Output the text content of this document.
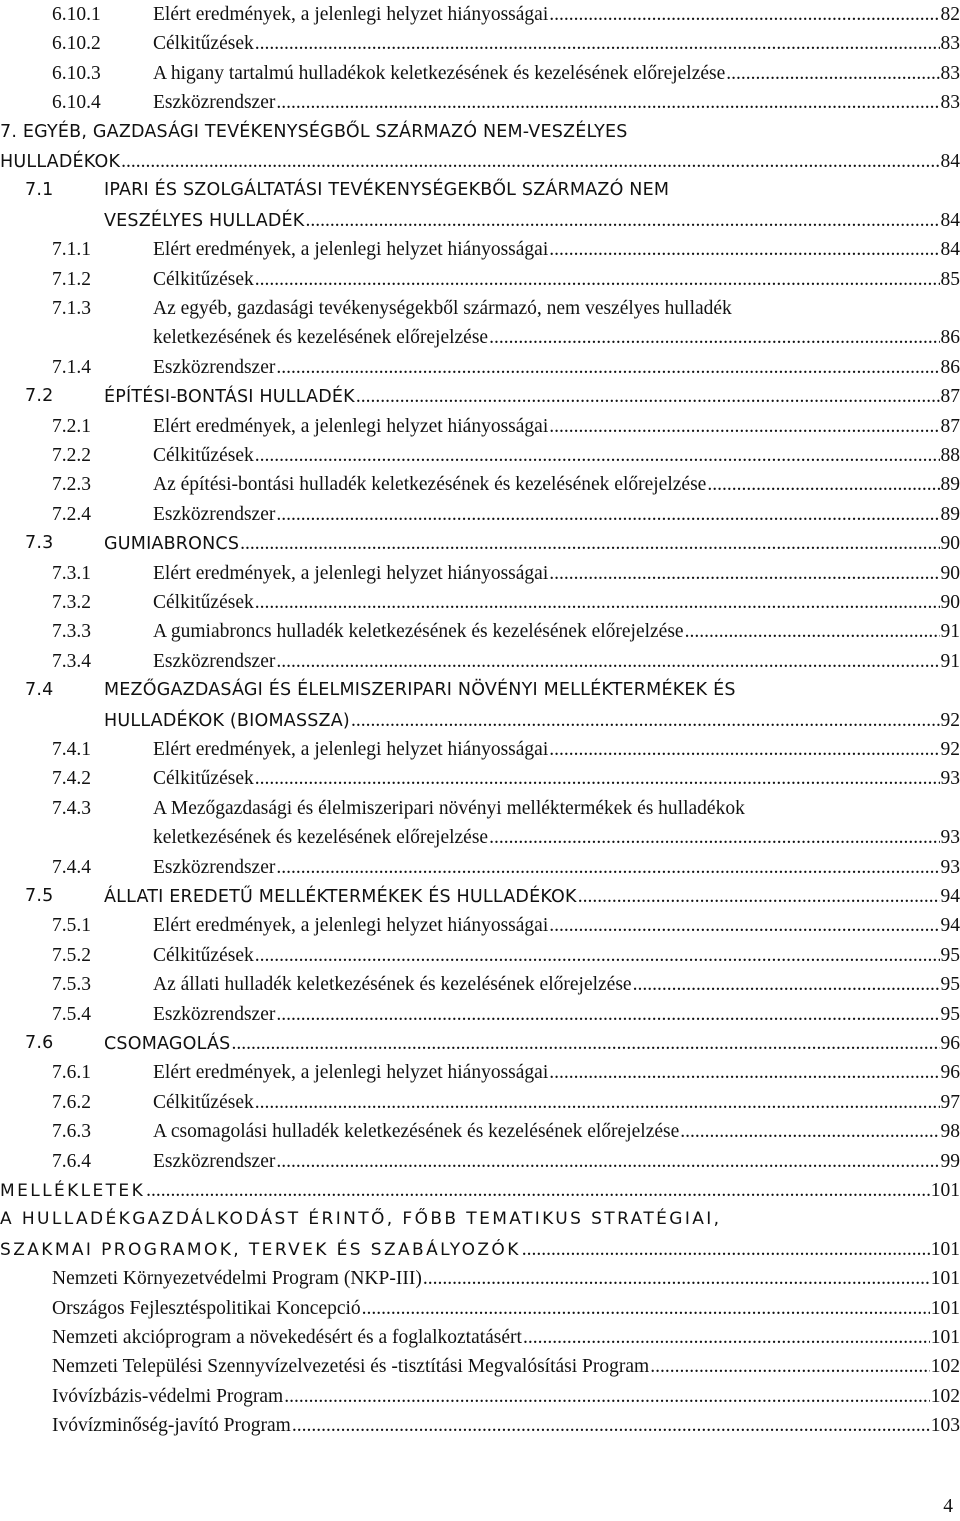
6.10.1	Elért eredmények, a jelenlegi helyzet hiányosságai .....	82
6.10.2	Célkitűzések .....	83
6.10.3	A higany tartalmú hulladékok keletkezésének és kezelésének előrejelzése .....	83
6.10.4	Eszközrendszer .....	83
7. EGYÉB, GAZDASÁGI TEVÉKENYSÉGBŐL SZÁRMAZÓ NEM-VESZÉLYES
HULLADÉKOK .....	84
7.1	IPARI ÉS SZOLGÁLTATÁSI TEVÉKENYSÉGEKBŐL SZÁRMAZÓ NEM
VESZÉLYES HULLADÉK .....	84
7.1.1	Elért eredmények, a jelenlegi helyzet hiányosságai .....	84
7.1.2	Célkitűzések .....	85
7.1.3	Az egyéb, gazdasági tevékenységekből származó, nem veszélyes hulladék
keletkezésének és kezelésének előrejelzése .....	86
7.1.4	Eszközrendszer .....	86
7.2	ÉPÍTÉSI-BONTÁSI HULLADÉK .....	87
7.2.1	Elért eredmények, a jelenlegi helyzet hiányosságai .....	87
7.2.2	Célkitűzések .....	88
7.2.3	Az építési-bontási hulladék keletkezésének és kezelésének előrejelzése .....	89
7.2.4	Eszközrendszer .....	89
7.3	GUMIABRONCS .....	90
7.3.1	Elért eredmények, a jelenlegi helyzet hiányosságai .....	90
7.3.2	Célkitűzések .....	90
7.3.3	A gumiabroncs hulladék keletkezésének és kezelésének előrejelzése .....	91
7.3.4	Eszközrendszer .....	91
7.4	MEZŐGAZDASÁGI ÉS ÉLELMISZERIPARI NÖVÉNYI MELLÉKTERMÉKEK ÉS
HULLADÉKOK (BIOMASSZA) .....	92
7.4.1	Elért eredmények, a jelenlegi helyzet hiányosságai .....	92
7.4.2	Célkitűzések .....	93
7.4.3	A Mezőgazdasági és élelmiszeripari növényi melléktermékek és hulladékok
keletkezésének és kezelésének előrejelzése .....	93
7.4.4	Eszközrendszer .....	93
7.5	ÁLLATI EREDETŰ MELLÉKTERMÉKEK ÉS HULLADÉKOK .....	94
7.5.1	Elért eredmények, a jelenlegi helyzet hiányosságai .....	94
7.5.2	Célkitűzések .....	95
7.5.3	Az állati hulladék keletkezésének és kezelésének előrejelzése .....	95
7.5.4	Eszközrendszer .....	95
7.6	CSOMAGOLÁS .....	96
7.6.1	Elért eredmények, a jelenlegi helyzet hiányosságai .....	96
7.6.2	Célkitűzések .....	97
7.6.3	A csomagolási hulladék keletkezésének és kezelésének előrejelzése .....	98
7.6.4	Eszközrendszer .....	99
MELLÉKLETEK .....	101
A HULLADÉKGAZDÁLKODÁST ÉRINTŐ, FŐBB TEMATIKUS STRATÉGIAI,
SZAKMAI PROGRAMOK, TERVEK ÉS SZABÁLYOZÓK .....	101
Nemzeti Környezetvédelmi Program (NKP-III) .....	101
Országos Fejlesztéspolitikai Koncepció .....	101
Nemzeti akcióprogram a növekedésért és a foglalkoztatásért .....	101
Nemzeti Települési Szennyvízelvezetési és -tisztítási Megvalósítási Program .....	102
Ivóvízbázis-védelmi Program .....	102
Ivóvízminőség-javító Program .....	103
4
